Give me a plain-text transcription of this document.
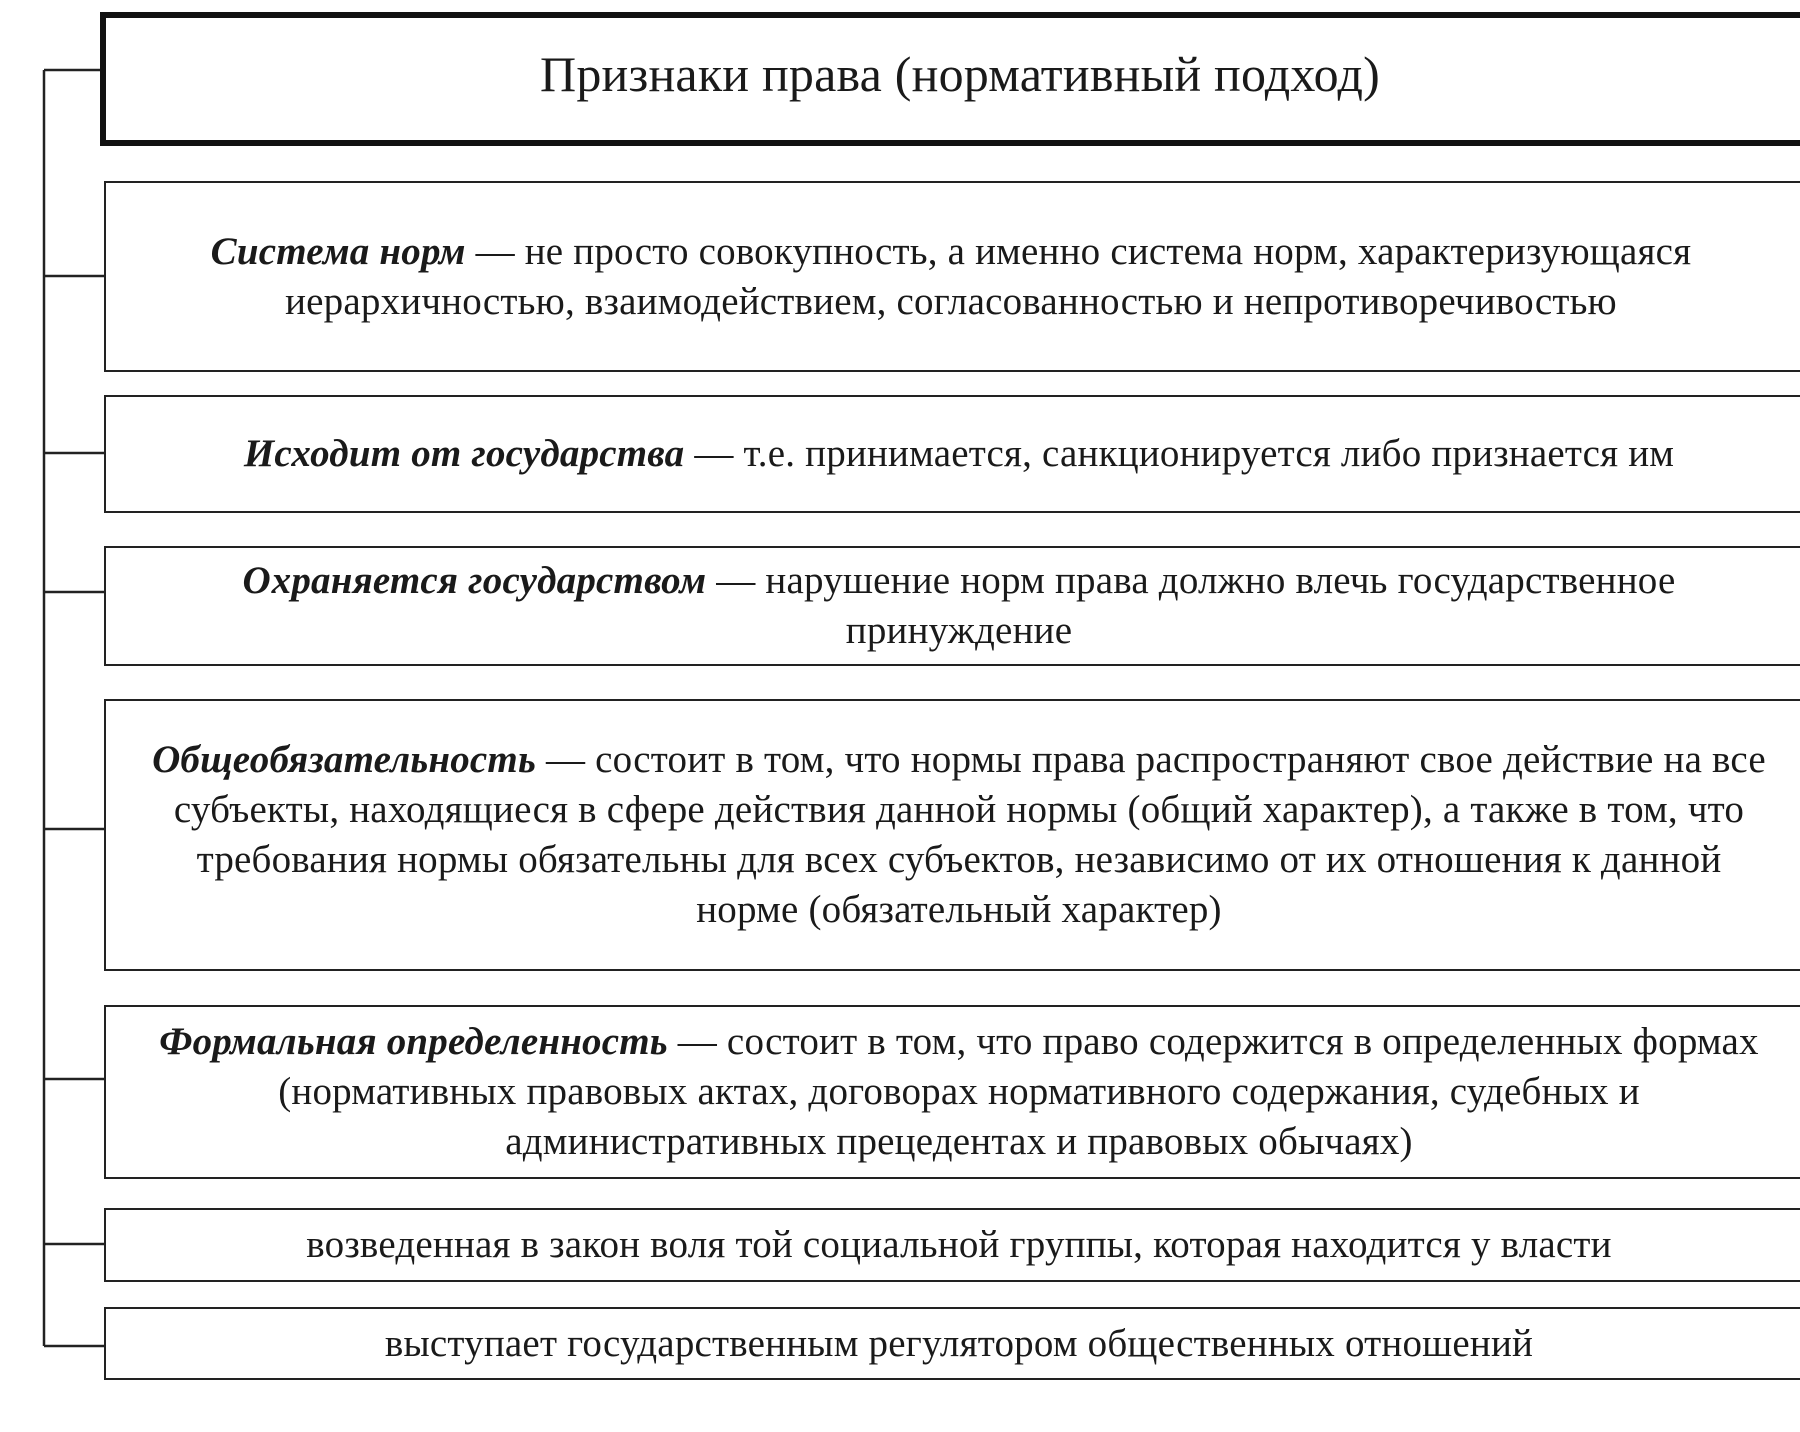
Признаки права (нормативный подход)
Система норм — не просто совокупность, а именно система норм, характеризующаяся иерархичностью, взаимодействием, согласованностью и непротиворечивостью
Исходит от государства — т.е. принимается, санкционируется либо признается им
Охраняется государством — нарушение норм права должно влечь государственное принуждение
Общеобязательность — состоит в том, что нормы права распространяют свое действие на все субъекты, находящиеся в сфере действия данной нормы (общий характер), а также в том, что требования нормы обязательны для всех субъектов, независимо от их отношения к данной норме (обязательный характер)
Формальная определенность — состоит в том, что право содержится в определенных формах (нормативных правовых актах, договорах нормативного содержания, судебных и административных прецедентах и правовых обычаях)
возведенная в закон воля той социальной группы, которая находится у власти
выступает государственным регулятором общественных отношений
